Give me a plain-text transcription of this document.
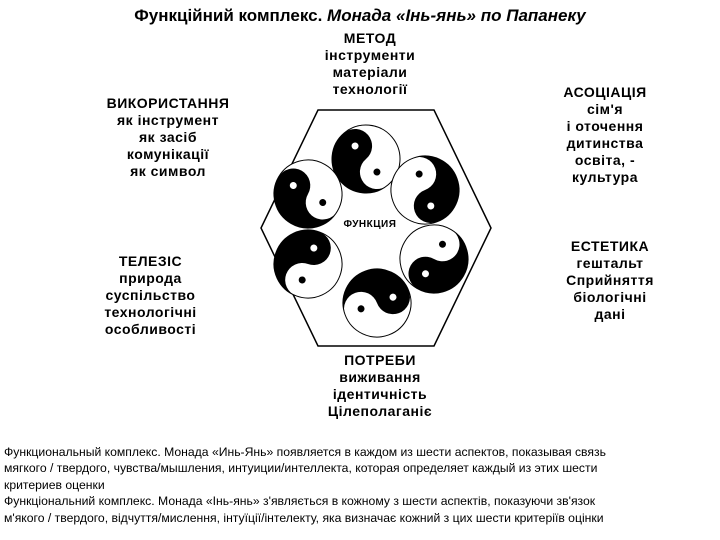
Функційний комплекс. Монада «Інь-янь» по Папанеку
МЕТОД
інструменти
матеріали
технології
ВИКОРИСТАННЯ
як інструмент
як засіб
комунікації
як символ
АСОЦІАЦІЯ
сім'я
і оточення
дитинства
освіта, -
культура
ТЕЛЕЗІС
природа
суспільство
технологічні
особливості
ЕСТЕТИКА
гештальт
Сприйняття
біологічні
дані
ПОТРЕБИ
виживання
ідентичність
Цілеполаганіє
ФУНКЦИЯ
Функциональный комплекс. Монада «Инь-Янь» появляется в каждом из шести аспектов, показывая связь
мягкого / твердого, чувства/мышления, интуиции/интеллекта, которая определяет каждый из этих шести
критериев оценки
Функціональний комплекс. Монада «Інь-янь» з'являється в кожному з шести аспектів, показуючи зв'язок
м'якого / твердого, відчуття/мислення, інтуїції/інтелекту, яка визначає кожний з цих шести критеріїв оцінки
